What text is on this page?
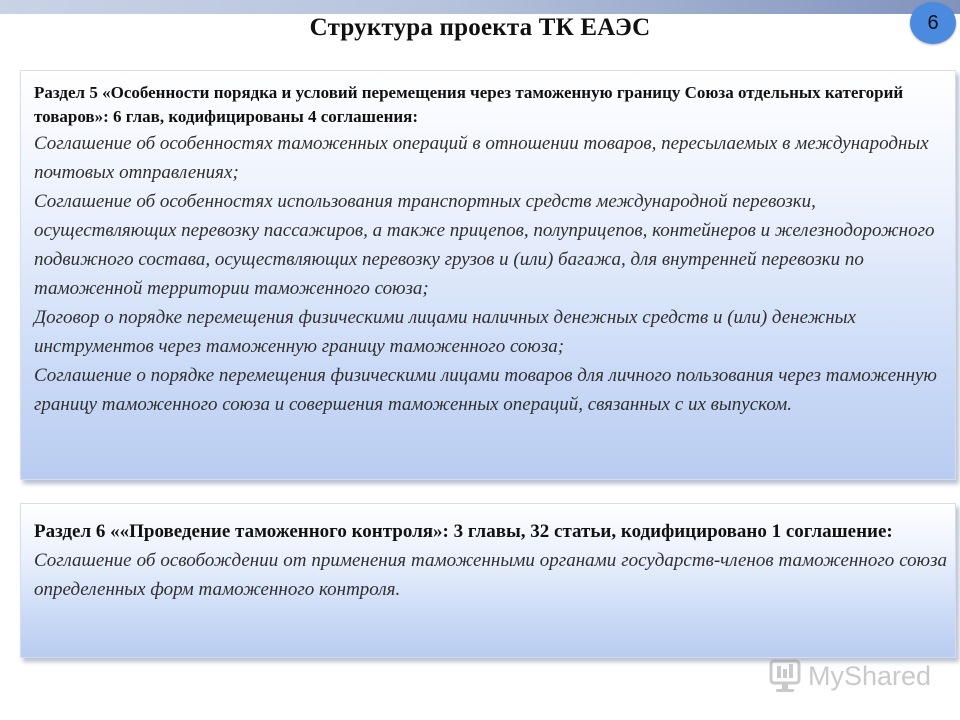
Структура проекта ТК ЕАЭС	6

Раздел 5 «Особенности порядка и условий перемещения через таможенную границу Союза отдельных категорий товаров»: 6 глав, кодифицированы 4 соглашения:

Соглашение об особенностях таможенных операций в отношении товаров, пересылаемых в международных почтовых отправлениях;

Соглашение об особенностях использования транспортных средств международной перевозки, осуществляющих перевозку пассажиров, а также прицепов, полуприцепов, контейнеров и железнодорожного подвижного состава, осуществляющих перевозку грузов и (или) багажа, для внутренней перевозки по таможенной территории таможенного союза;

Договор о порядке перемещения физическими лицами наличных денежных средств и (или) денежных инструментов через таможенную границу таможенного союза;

Соглашение о порядке перемещения физическими лицами товаров для личного пользования через таможенную границу таможенного союза и совершения таможенных операций, связанных с их выпуском.

Раздел 6 ««Проведение таможенного контроля»: 3 главы, 32 статьи, кодифицировано 1 соглашение:

Соглашение об освобождении от применения таможенными органами государств-членов таможенного союза определенных форм таможенного контроля.

MyShared
